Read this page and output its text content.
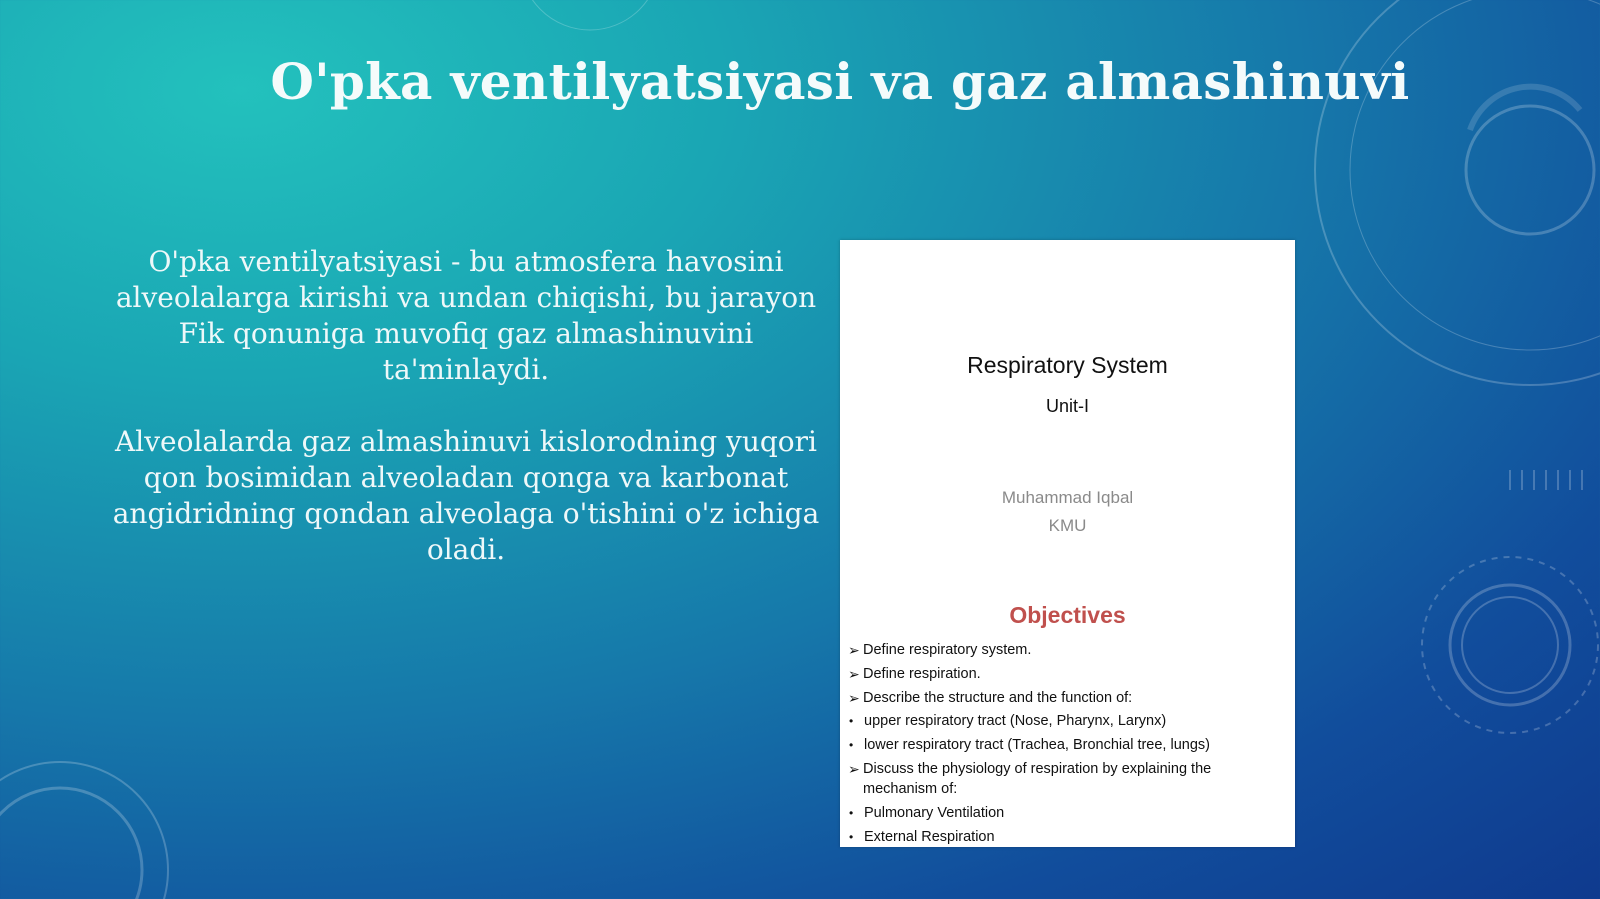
O'pka ventilyatsiyasi va gaz almashinuvi

O'pka ventilyatsiyasi - bu atmosfera havosini alveolalarga kirishi va undan chiqishi, bu jarayon Fik qonuniga muvofiq gaz almashinuvini ta'minlaydi.

Alveolalarda gaz almashinuvi kislorodning yuqori qon bosimidan alveoladan qonga va karbonat angidridning qondan alveolaga o'tishini o'z ichiga oladi.

Respiratory System
Unit-I
Muhammad Iqbal
KMU
Objectives
➢ Define respiratory system.
➢ Define respiration.
➢ Describe the structure and the function of:
• upper respiratory tract (Nose, Pharynx, Larynx)
• lower respiratory tract (Trachea, Bronchial tree, lungs)
➢ Discuss the physiology of respiration by explaining the mechanism of:
• Pulmonary Ventilation
• External Respiration
